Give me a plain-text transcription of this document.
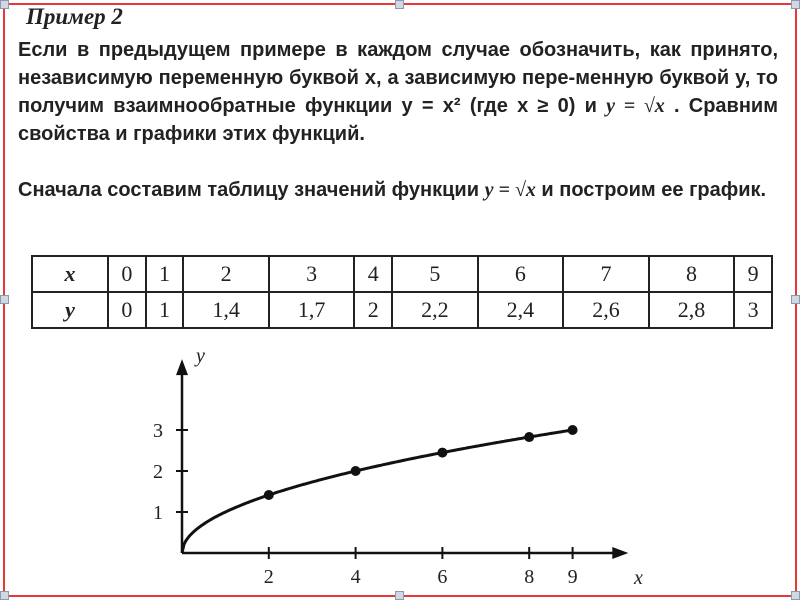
Пример 2
Если в предыдущем примере в каждом случае обозначить, как принято, независимую переменную буквой x, а зависимую пере-менную буквой y, то получим взаимнообратные функции y = x² (где x ≥ 0) и y = √x . Сравним свойства и графики этих функций.
Сначала составим таблицу значений функции y = √x и построим ее график.
x	0	1	2	3	4	5	6	7	8	9
y	0	1	1,4	1,7	2	2,2	2,4	2,6	2,8	3
2	4	6	8 9
1
2
3
x
y
